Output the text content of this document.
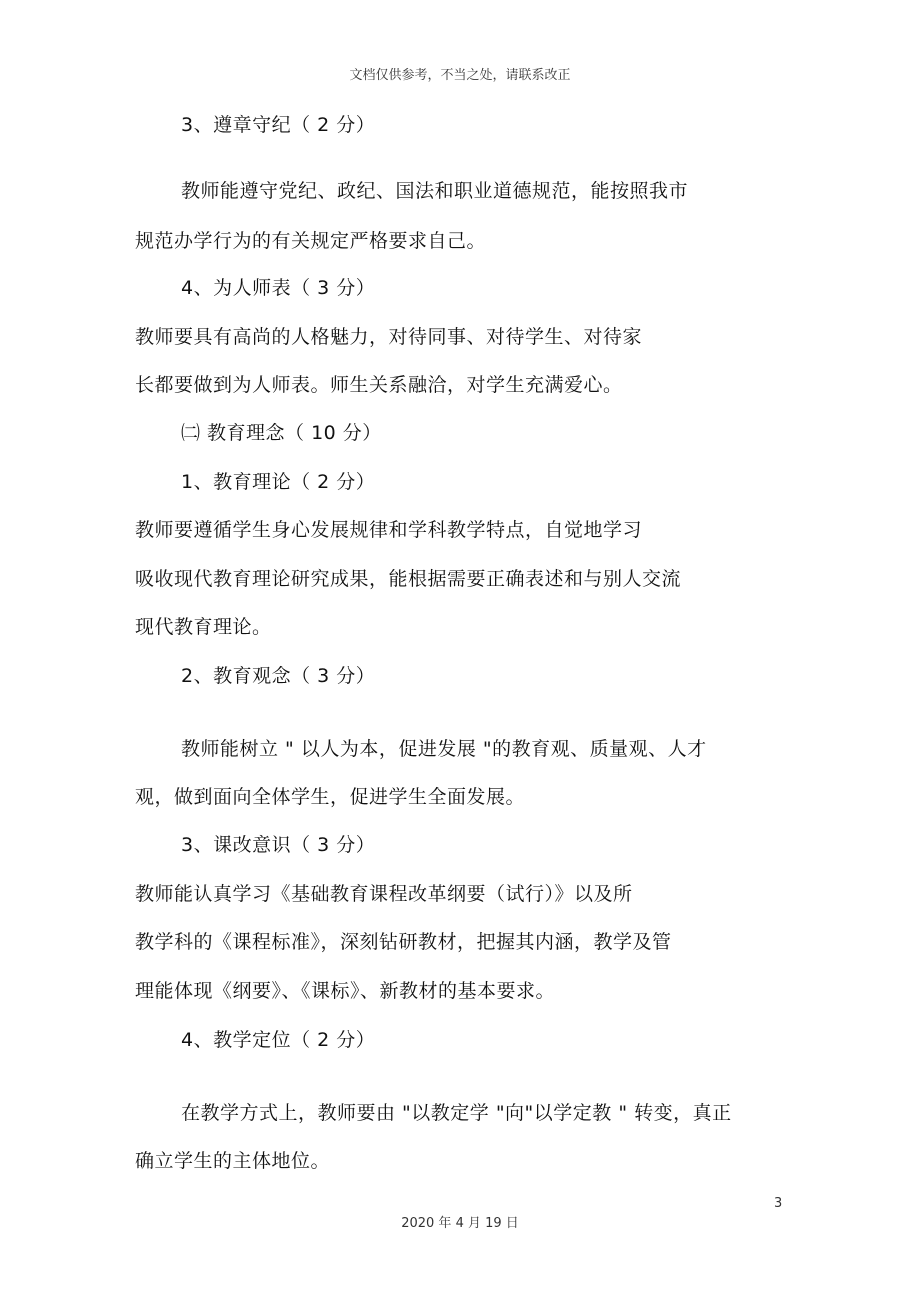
文档仅供参考，不当之处，请联系改正
3、遵章守纪（ 2 分）
教师能遵守党纪、政纪、国法和职业道德规范，能按照我市
规范办学行为的有关规定严格要求自己。
4、为人师表（ 3 分）
教师要具有高尚的人格魅力，对待同事、对待学生、对待家
长都要做到为人师表。师生关系融洽，对学生充满爱心。
㈡ 教育理念（ 10 分）
1、教育理论（ 2 分）
教师要遵循学生身心发展规律和学科教学特点，自觉地学习
吸收现代教育理论研究成果，能根据需要正确表述和与别人交流
现代教育理论。
2、教育观念（ 3 分）
教师能树立 " 以人为本，促进发展 "的教育观、质量观、人才
观，做到面向全体学生，促进学生全面发展。
3、课改意识（ 3 分）
教师能认真学习《基础教育课程改革纲要（试行）》以及所
教学科的《课程标准》，深刻钻研教材，把握其内涵，教学及管
理能体现《纲要》、《课标》、新教材的基本要求。
4、教学定位（ 2 分）
在教学方式上，教师要由 "以教定学 "向"以学定教 " 转变，真正
确立学生的主体地位。
3
2020 年 4 月 19 日
